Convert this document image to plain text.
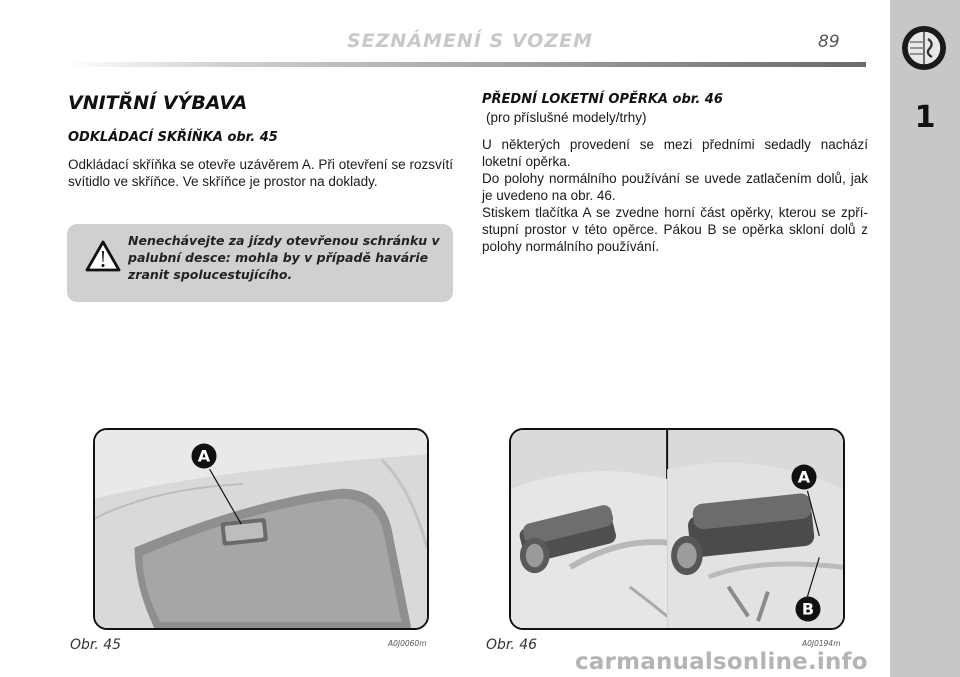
SEZNÁMENÍ S VOZEM	89
1
VNITŘNÍ VÝBAVA
ODKLÁDACÍ SKŘÍŇKA obr. 45
Odkládací skříňka se otevře uzávěrem A. Při otevření se rozsvítí svítidlo ve skříňce. Ve skříňce je prostor na doklady.
Nenechávejte za jízdy otevřenou schránku v palubní desce: mohla by v případě havárie zranit spolucestujícího.
PŘEDNÍ LOKETNÍ OPĚRKA obr. 46
(pro příslušné modely/trhy)
U některých provedení se mezi předními sedadly nachází loketní opěrka.
Do polohy normálního používání se uvede zatlačením dolů, jak je uvedeno na obr. 46.
Stiskem tlačítka A se zvedne horní část opěrky, kterou se zpřístupní prostor v této opěrce. Pákou B se opěrka skloní dolů z polohy normálního používání.
A
A
B
Obr. 45	A0J0060m	Obr. 46	A0J0194m
carmanualsonline.info
